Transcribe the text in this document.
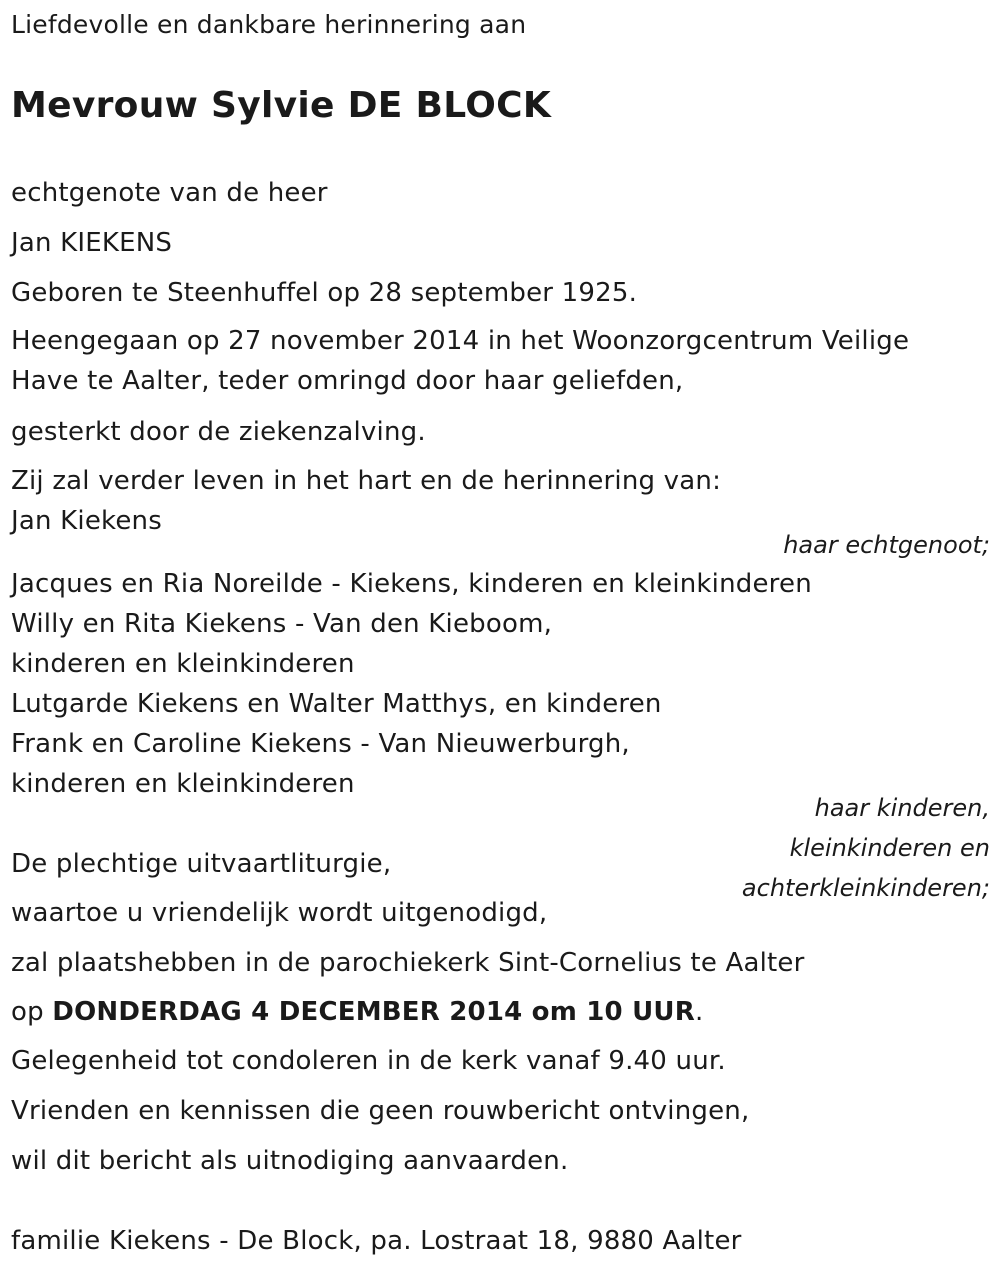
Liefdevolle en dankbare herinnering aan
Mevrouw Sylvie DE BLOCK
echtgenote van de heer
Jan KIEKENS
Geboren te Steenhuffel op 28 september 1925.
Heengegaan op 27 november 2014 in het Woonzorgcentrum Veilige
Have te Aalter, teder omringd door haar geliefden,
gesterkt door de ziekenzalving.
Zij zal verder leven in het hart en de herinnering van:
Jan Kiekens
haar echtgenoot;
Jacques en Ria Noreilde - Kiekens, kinderen en kleinkinderen
Willy en Rita Kiekens - Van den Kieboom,
kinderen en kleinkinderen
Lutgarde Kiekens en Walter Matthys, en kinderen
Frank en Caroline Kiekens - Van Nieuwerburgh,
kinderen en kleinkinderen
haar kinderen,
kleinkinderen en
achterkleinkinderen;
De plechtige uitvaartliturgie,
waartoe u vriendelijk wordt uitgenodigd,
zal plaatshebben in de parochiekerk Sint-Cornelius te Aalter
op DONDERDAG 4 DECEMBER 2014 om 10 UUR.
Gelegenheid tot condoleren in de kerk vanaf 9.40 uur.
Vrienden en kennissen die geen rouwbericht ontvingen,
wil dit bericht als uitnodiging aanvaarden.
familie Kiekens - De Block, pa. Lostraat 18, 9880 Aalter
